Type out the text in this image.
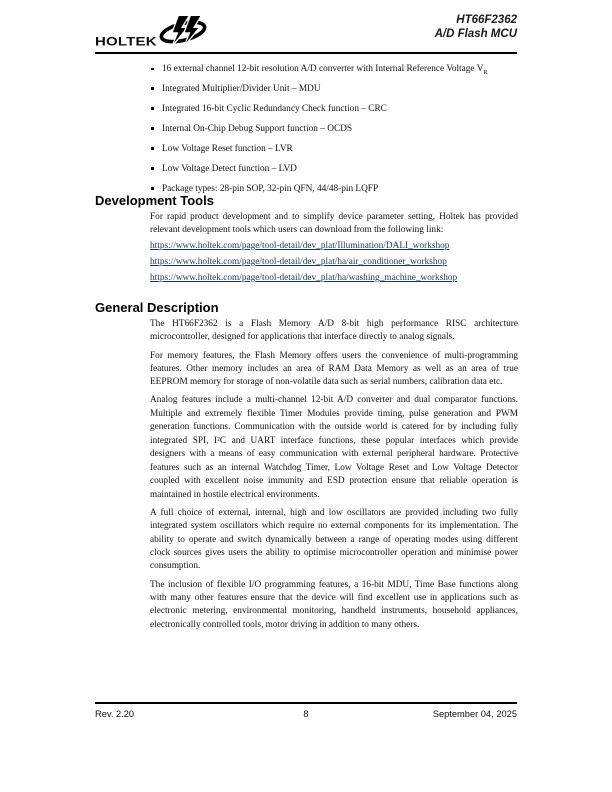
HOLTEK
HT66F2362
A/D Flash MCU
16 external channel 12-bit resolution A/D converter with Internal Reference Voltage $V_R$
Integrated Multiplier/Divider Unit – MDU
Integrated 16-bit Cyclic Redundancy Check function – CRC
Internal On-Chip Debug Support function – OCDS
Low Voltage Reset function – LVR
Low Voltage Detect function – LVD
Package types: 28-pin SOP, 32-pin QFN, 44/48-pin LQFP
Development Tools

For rapid product development and to simplify device parameter setting, Holtek has provided relevant development tools which users can download from the following link:

https://www.holtek.com/page/tool-detail/dev_plat/Illumination/DALI_workshop
https://www.holtek.com/page/tool-detail/dev_plat/ha/air_conditioner_workshop
https://www.holtek.com/page/tool-detail/dev_plat/ha/washing_machine_workshop
General Description

The HT66F2362 is a Flash Memory A/D 8-bit high performance RISC architecture microcontroller, designed for applications that interface directly to analog signals.

For memory features, the Flash Memory offers users the convenience of multi-programming features. Other memory includes an area of RAM Data Memory as well as an area of true EEPROM memory for storage of non-volatile data such as serial numbers, calibration data etc.

Analog features include a multi-channel 12-bit A/D converter and dual comparator functions. Multiple and extremely flexible Timer Modules provide timing, pulse generation and PWM generation functions. Communication with the outside world is catered for by including fully integrated SPI, I²C and UART interface functions, these popular interfaces which provide designers with a means of easy communication with external peripheral hardware. Protective features such as an internal Watchdog Timer, Low Voltage Reset and Low Voltage Detector coupled with excellent noise immunity and ESD protection ensure that reliable operation is maintained in hostile electrical environments.

A full choice of external, internal, high and low oscillators are provided including two fully integrated system oscillators which require no external components for its implementation. The ability to operate and switch dynamically between a range of operating modes using different clock sources gives users the ability to optimise microcontroller operation and minimise power consumption.

The inclusion of flexible I/O programming features, a 16-bit MDU, Time Base functions along with many other features ensure that the device will find excellent use in applications such as electronic metering, environmental monitoring, handheld instruments, household appliances, electronically controlled tools, motor driving in addition to many others.

Rev. 2.20	8	September 04, 2025
